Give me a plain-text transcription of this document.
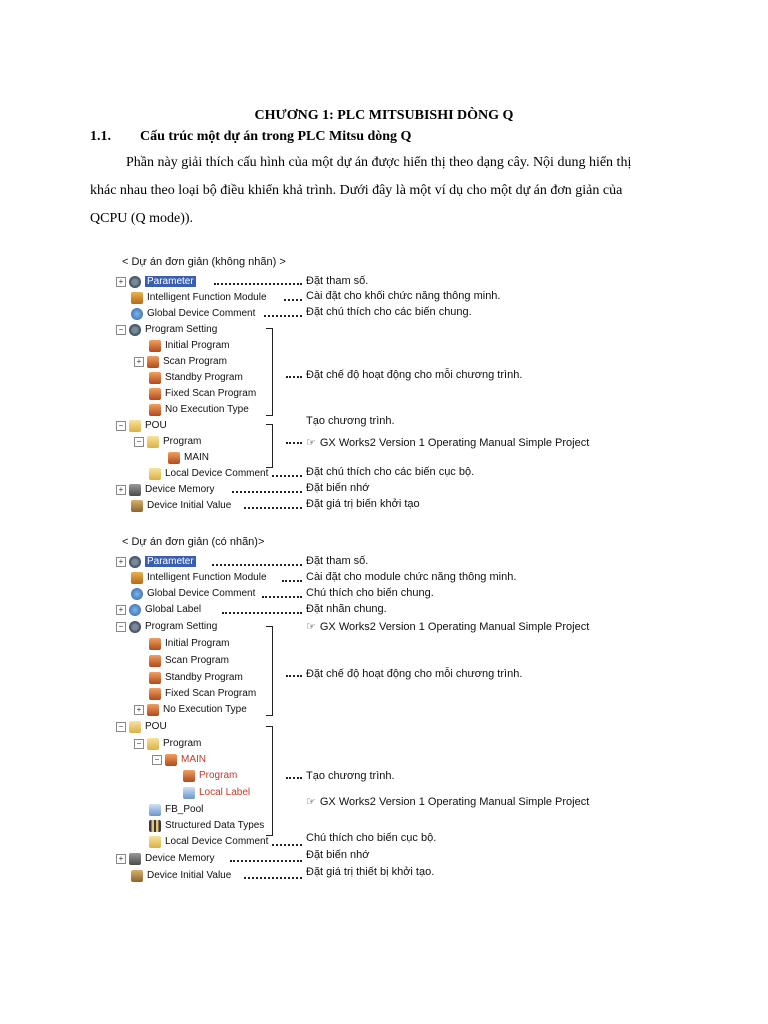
CHƯƠNG 1: PLC MITSUBISHI DÒNG Q
1.1. Cấu trúc một dự án trong PLC Mitsu dòng Q
Phần này giải thích cấu hình của một dự án được hiển thị theo dạng cây. Nội dung hiển thị
khác nhau theo loại bộ điều khiển khả trình. Dưới đây là một ví dụ cho một dự án đơn giản của
QCPU (Q mode)).
< Dự án đơn giản (không nhãn) >
+ Parameter
Intelligent Function Module
Global Device Comment
− Program Setting
Initial Program
+ Scan Program
Standby Program
Fixed Scan Program
No Execution Type
− POU
− Program
MAIN
Local Device Comment
+ Device Memory
Device Initial Value
Đặt tham số.
Cài đặt cho khối chức năng thông minh.
Đặt chú thích cho các biến chung.
Đặt chế độ hoạt động cho mỗi chương trình.
Tạo chương trình.
☞ GX Works2 Version 1 Operating Manual Simple Project
Đặt chú thích cho các biến cục bộ.
Đặt biến nhớ
Đặt giá trị biến khởi tạo
< Dự án đơn giản (có nhãn)>
+ Parameter
Intelligent Function Module
Global Device Comment
+ Global Label
− Program Setting
Initial Program
Scan Program
Standby Program
Fixed Scan Program
+ No Execution Type
− POU
− Program
− MAIN
Program
Local Label
FB_Pool
Structured Data Types
Local Device Comment
+ Device Memory
Device Initial Value
Đặt tham số.
Cài đặt cho module chức năng thông minh.
Chú thích cho biến chung.
Đặt nhãn chung.
☞ GX Works2 Version 1 Operating Manual Simple Project
Đặt chế độ hoạt động cho mỗi chương trình.
Tạo chương trình.
☞ GX Works2 Version 1 Operating Manual Simple Project
Chú thích cho biến cục bộ.
Đặt biến nhớ
Đặt giá trị thiết bị khởi tạo.
